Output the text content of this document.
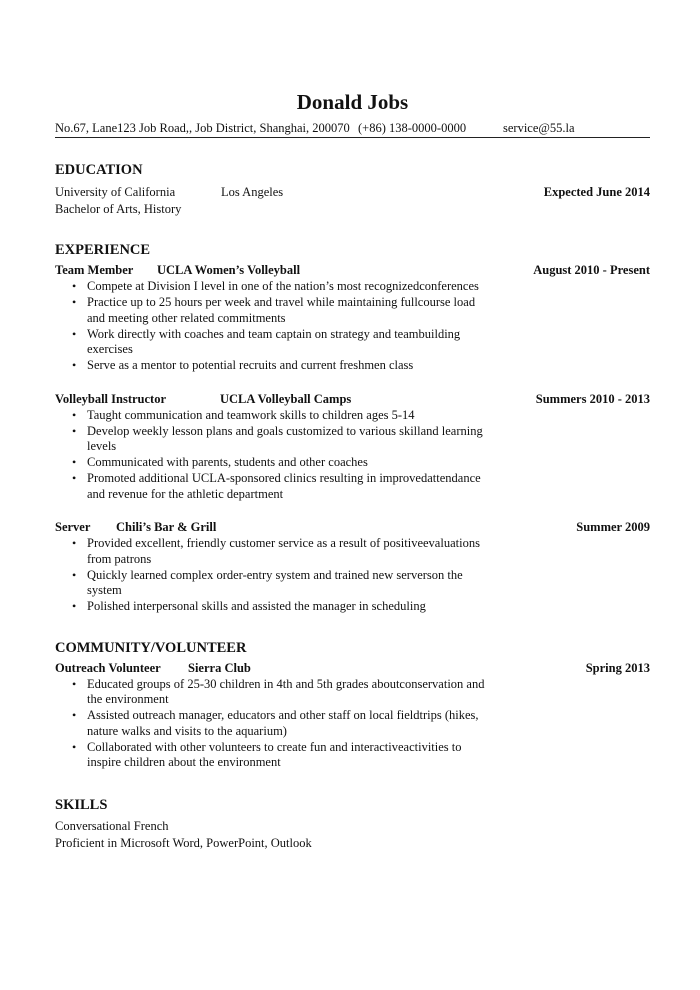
Donald Jobs
No.67, Lane123 Job Road,, Job District, Shanghai, 200070 (+86) 138-0000-0000	service@55.la
EDUCATION
University of California	Los Angeles	Expected June 2014
Bachelor of Arts, History
EXPERIENCE
Team Member UCLA Women’s Volleyball	August 2010 - Present
• Compete at Division I level in one of the nation’s most recognizedconferences
• Practice up to 25 hours per week and travel while maintaining fullcourse load and meeting other related commitments
• Work directly with coaches and team captain on strategy and teambuilding exercises
• Serve as a mentor to potential recruits and current freshmen class
Volleyball Instructor	UCLA Volleyball Camps	Summers 2010 - 2013
• Taught communication and teamwork skills to children ages 5-14
• Develop weekly lesson plans and goals customized to various skilland learning levels
• Communicated with parents, students and other coaches
• Promoted additional UCLA-sponsored clinics resulting in improvedattendance and revenue for the athletic department
Server Chili’s Bar & Grill	Summer 2009
• Provided excellent, friendly customer service as a result of positiveevaluations from patrons
• Quickly learned complex order-entry system and trained new serverson the system
• Polished interpersonal skills and assisted the manager in scheduling
COMMUNITY/VOLUNTEER
Outreach Volunteer Sierra Club	Spring 2013
• Educated groups of 25-30 children in 4th and 5th grades aboutconservation and the environment
• Assisted outreach manager, educators and other staff on local fieldtrips (hikes, nature walks and visits to the aquarium)
• Collaborated with other volunteers to create fun and interactiveactivities to inspire children about the environment
SKILLS
Conversational French
Proficient in Microsoft Word, PowerPoint, Outlook
